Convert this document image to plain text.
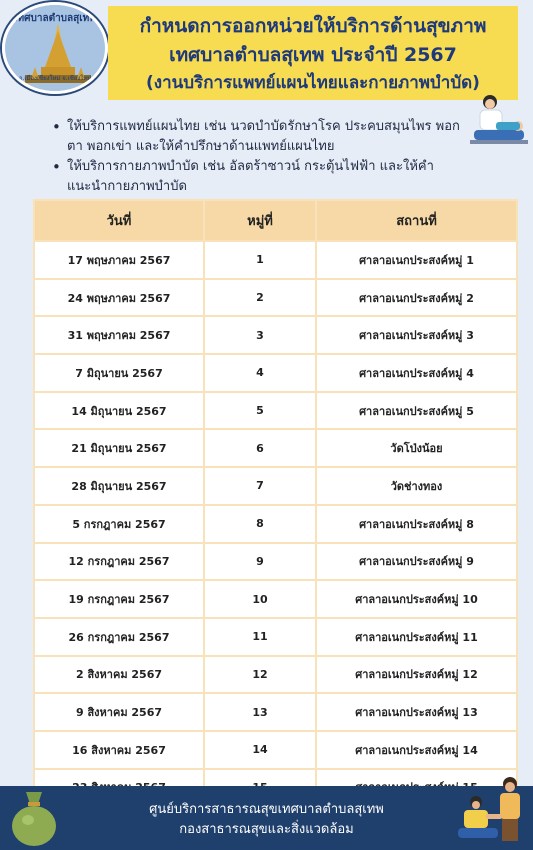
เทศบาลตำบลสุเทพ
อ.เมืองเชียงใหม่ จ.เชียงใหม่
กำหนดการออกหน่วยให้บริการด้านสุขภาพ
เทศบาลตำบลสุเทพ ประจำปี 2567
(งานบริการแพทย์แผนไทยและกายภาพบำบัด)
• ให้บริการแพทย์แผนไทย เช่น นวดบำบัดรักษาโรค ประคบสมุนไพร พอกตา พอกเข่า และให้คำปรึกษาด้านแพทย์แผนไทย
• ให้บริการกายภาพบำบัด เช่น อัลตร้าซาวน์ กระตุ้นไฟฟ้า และให้คำแนะนำกายภาพบำบัด
วันที่	หมู่ที่	สถานที่
17 พฤษภาคม 2567	1	ศาลาอเนกประสงค์หมู่ 1
24 พฤษภาคม 2567	2	ศาลาอเนกประสงค์หมู่ 2
31 พฤษภาคม 2567	3	ศาลาอเนกประสงค์หมู่ 3
7 มิถุนายน 2567	4	ศาลาอเนกประสงค์หมู่ 4
14 มิถุนายน 2567	5	ศาลาอเนกประสงค์หมู่ 5
21 มิถุนายน 2567	6	วัดโป่งน้อย
28 มิถุนายน 2567	7	วัดช่างทอง
5 กรกฎาคม 2567	8	ศาลาอเนกประสงค์หมู่ 8
12 กรกฎาคม 2567	9	ศาลาอเนกประสงค์หมู่ 9
19 กรกฎาคม 2567	10	ศาลาอเนกประสงค์หมู่ 10
26 กรกฎาคม 2567	11	ศาลาอเนกประสงค์หมู่ 11
2 สิงหาคม 2567	12	ศาลาอเนกประสงค์หมู่ 12
9 สิงหาคม 2567	13	ศาลาอเนกประสงค์หมู่ 13
16 สิงหาคม 2567	14	ศาลาอเนกประสงค์หมู่ 14

ศูนย์บริการสาธารณสุขเทศบาลตำบลสุเทพ
กองสาธารณสุขและสิ่งแวดล้อม
